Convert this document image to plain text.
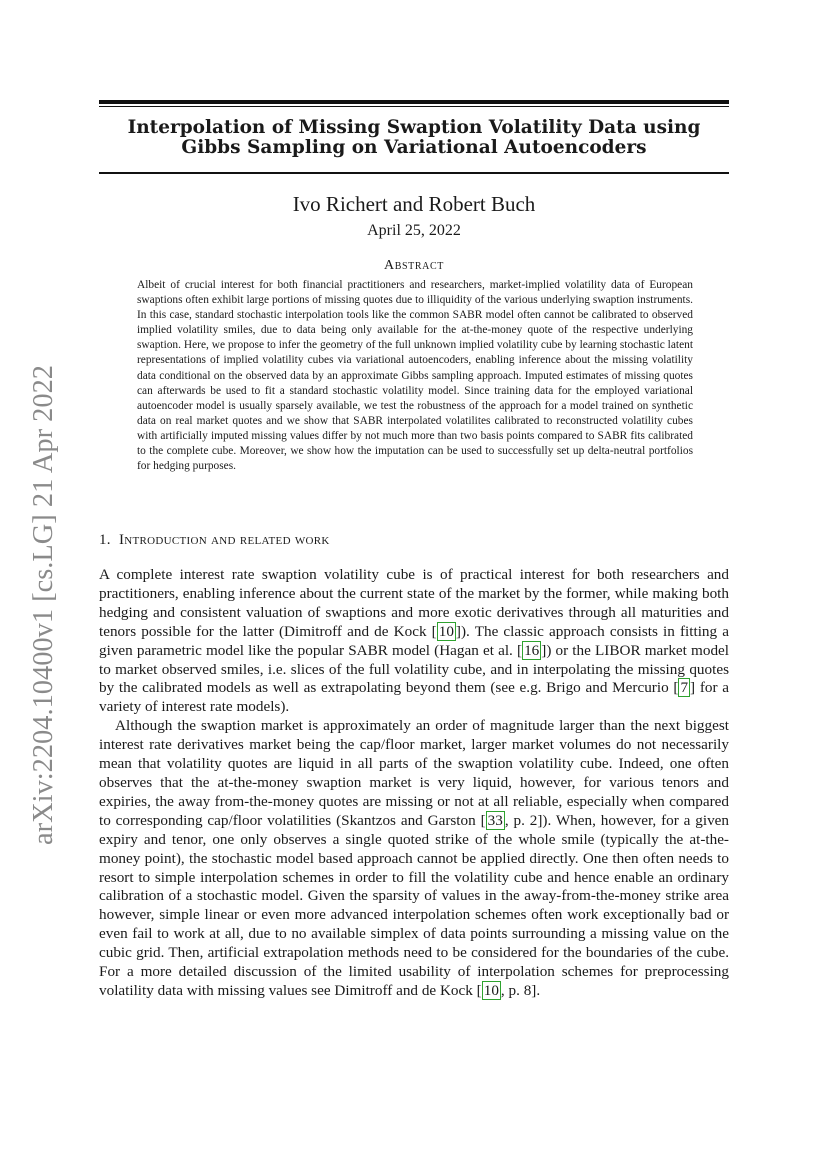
arXiv:2204.10400v1 [cs.LG] 21 Apr 2022
Interpolation of Missing Swaption Volatility Data using
Gibbs Sampling on Variational Autoencoders
Ivo Richert and Robert Buch
April 25, 2022
Abstract

Albeit of crucial interest for both financial practitioners and researchers, market-implied volatility data of European swaptions often exhibit large portions of missing quotes due to illiquidity of the various underlying swaption instruments. In this case, standard stochastic interpolation tools like the common SABR model often cannot be calibrated to observed implied volatility smiles, due to data being only available for the at-the-money quote of the respective underlying swaption. Here, we propose to infer the geometry of the full unknown implied volatility cube by learning stochastic latent representations of implied volatility cubes via variational autoencoders, enabling inference about the missing volatility data conditional on the observed data by an approximate Gibbs sampling approach. Imputed estimates of missing quotes can afterwards be used to fit a standard stochastic volatility model. Since training data for the employed variational autoencoder model is usually sparsely available, we test the robustness of the approach for a model trained on synthetic data on real market quotes and we show that SABR interpolated volatilites calibrated to reconstructed volatility cubes with artificially imputed missing values differ by not much more than two basis points compared to SABR fits calibrated to the complete cube. Moreover, we show how the imputation can be used to successfully set up delta-neutral portfolios for hedging purposes.

1. Introduction and related work

A complete interest rate swaption volatility cube is of practical interest for both researchers and practitioners, enabling inference about the current state of the market by the former, while making both hedging and consistent valuation of swaptions and more exotic derivatives through all maturities and tenors possible for the latter (Dimitroff and de Kock [ 10 ]). The classic approach consists in fitting a given parametric model like the popular SABR model (Hagan et al. [ 16 ]) or the LIBOR market model to market observed smiles, i.e. slices of the full volatility cube, and in interpolating the missing quotes by the calibrated models as well as extrapolating beyond them (see e.g. Brigo and Mercurio [ 7 ] for a variety of interest rate models).

Although the swaption market is approximately an order of magnitude larger than the next biggest interest rate derivatives market being the cap/floor market, larger market volumes do not necessarily mean that volatility quotes are liquid in all parts of the swaption volatility cube. Indeed, one often observes that the at-the-money swaption market is very liquid, however, for various tenors and expiries, the away from-the-money quotes are missing or not at all reliable, especially when compared to corresponding cap/floor volatilities (Skantzos and Garston [ 33 , p. 2]). When, however, for a given expiry and tenor, one only observes a single quoted strike of the whole smile (typically the at-the-money point), the stochastic model based approach cannot be applied directly. One then often needs to resort to simple interpolation schemes in order to fill the volatility cube and hence enable an ordinary calibration of a stochastic model. Given the sparsity of values in the away-from-the-money strike area however, simple linear or even more advanced interpolation schemes often work exceptionally bad or even fail to work at all, due to no available simplex of data points surrounding a missing value on the cubic grid. Then, artificial extrapolation methods need to be considered for the boundaries of the cube. For a more detailed discussion of the limited usability of interpolation schemes for preprocessing volatility data with missing values see Dimitroff and de Kock [ 10 , p. 8].
